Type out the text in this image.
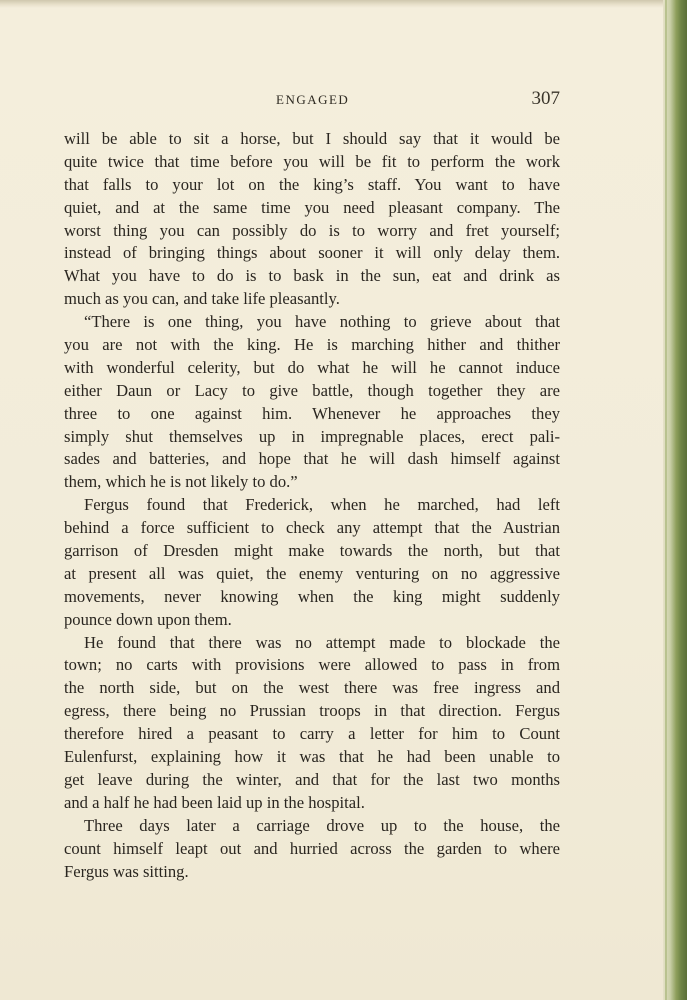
ENGAGED	307
will be able to sit a horse, but I should say that it would be
quite twice that time before you will be fit to perform the work
that falls to your lot on the king’s staff. You want to have
quiet, and at the same time you need pleasant company. The
worst thing you can possibly do is to worry and fret yourself;
instead of bringing things about sooner it will only delay them.
What you have to do is to bask in the sun, eat and drink as
much as you can, and take life pleasantly.
“There is one thing, you have nothing to grieve about that
you are not with the king. He is marching hither and thither
with wonderful celerity, but do what he will he cannot induce
either Daun or Lacy to give battle, though together they are
three to one against him. Whenever he approaches they
simply shut themselves up in impregnable places, erect pali-
sades and batteries, and hope that he will dash himself against
them, which he is not likely to do.”
Fergus found that Frederick, when he marched, had left
behind a force sufficient to check any attempt that the Austrian
garrison of Dresden might make towards the north, but that
at present all was quiet, the enemy venturing on no aggressive
movements, never knowing when the king might suddenly
pounce down upon them.
He found that there was no attempt made to blockade the
town; no carts with provisions were allowed to pass in from
the north side, but on the west there was free ingress and
egress, there being no Prussian troops in that direction. Fergus
therefore hired a peasant to carry a letter for him to Count
Eulenfurst, explaining how it was that he had been unable to
get leave during the winter, and that for the last two months
and a half he had been laid up in the hospital.
Three days later a carriage drove up to the house, the
count himself leapt out and hurried across the garden to where
Fergus was sitting.
